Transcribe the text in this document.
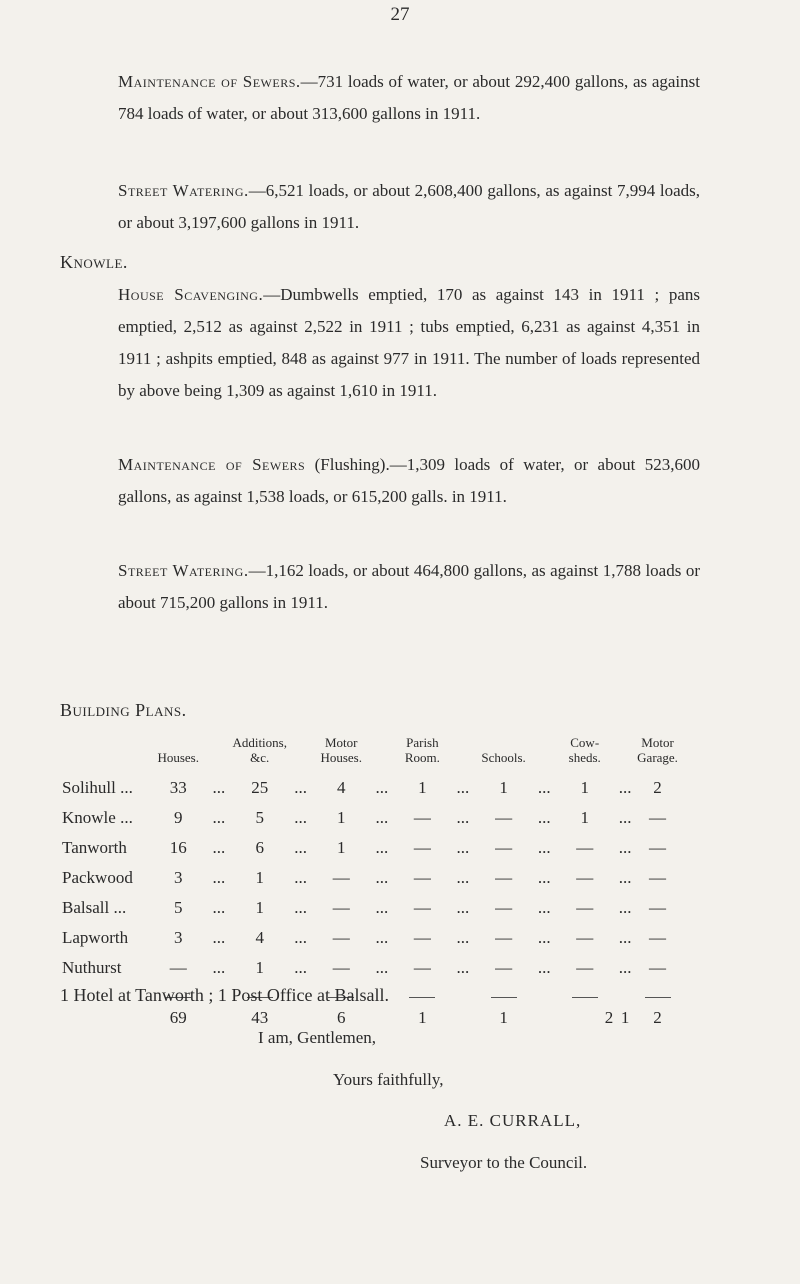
27

Maintenance of Sewers.—731 loads of water, or about 292,400 gallons, as against 784 loads of water, or about 313,600 gallons in 1911.

Street Watering.—6,521 loads, or about 2,608,400 gallons, as against 7,994 loads, or about 3,197,600 gallons in 1911.

Knowle.

House Scavenging.—Dumbwells emptied, 170 as against 143 in 1911 ; pans emptied, 2,512 as against 2,522 in 1911 ; tubs emptied, 6,231 as against 4,351 in 1911 ; ashpits emptied, 848 as against 977 in 1911. The number of loads represented by above being 1,309 as against 1,610 in 1911.

Maintenance of Sewers (Flushing).—1,309 loads of water, or about 523,600 gallons, as against 1,538 loads, or 615,200 galls. in 1911.

Street Watering.—1,162 loads, or about 464,800 gallons, as against 1,788 loads or about 715,200 gallons in 1911.

Building Plans.
	Houses.		Additions, &c.		Motor Houses.		Parish Room.		Schools.		Cow-sheds.		Motor Garage.
Solihull ...	33	...	25	...	4	...	1	...	1	...	1	...	2
Knowle ...	9	...	5	...	1	...	—	...	—	...	1	...	—
Tanworth	16	...	6	...	1	...	—	...	—	...	—	...	—
Packwood	3	...	1	...	—	...	—	...	—	...	—	...	—
Balsall ...	5	...	1	...	—	...	—	...	—	...	—	...	—
Lapworth	3	...	4	...	—	...	—	...	—	...	—	...	—
Nuthurst	—	...	1	...	—	...	—	...	—	...	—	...	—

	69		43		6		1		1		2	1	2
1 Hotel at Tanworth ; 1 Post Office at Balsall.
I am, Gentlemen,
Yours faithfully,
A. E. CURRALL,
Surveyor to the Council.
